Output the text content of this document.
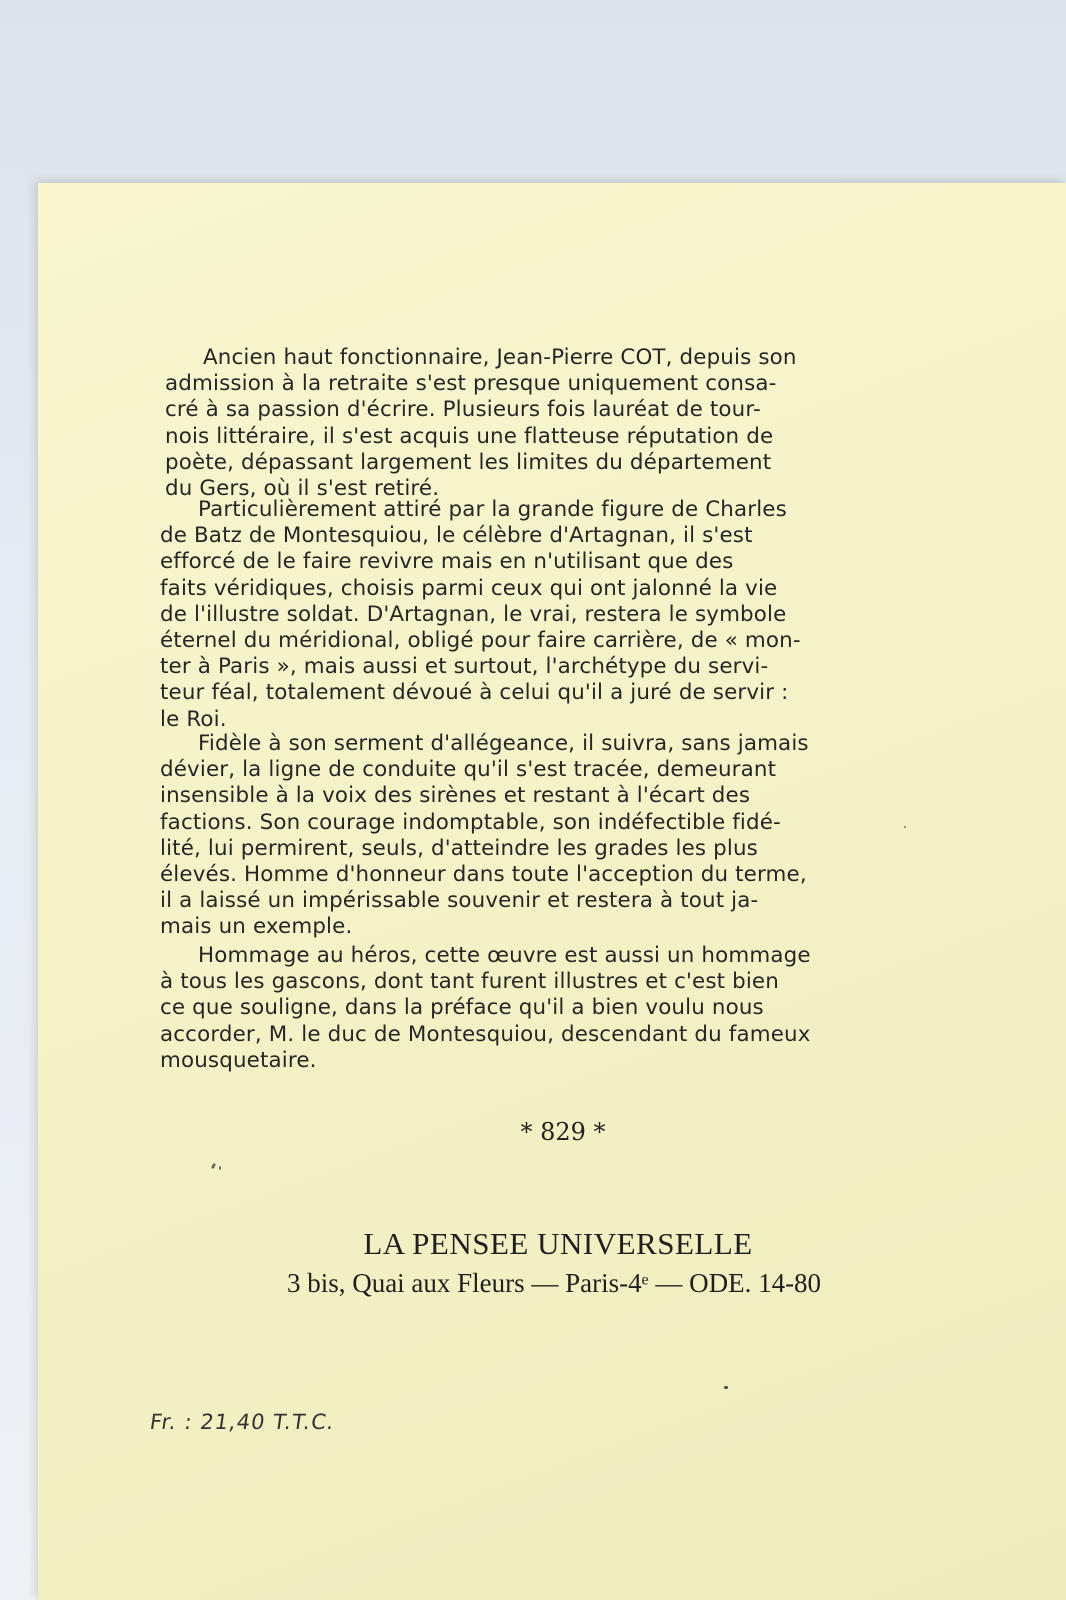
Ancien haut fonctionnaire, Jean-Pierre COT, depuis son
admission à la retraite s'est presque uniquement consa-
cré à sa passion d'écrire. Plusieurs fois lauréat de tour-
nois littéraire, il s'est acquis une flatteuse réputation de
poète, dépassant largement les limites du département
du Gers, où il s'est retiré.
Particulièrement attiré par la grande figure de Charles
de Batz de Montesquiou, le célèbre d'Artagnan, il s'est
efforcé de le faire revivre mais en n'utilisant que des
faits véridiques, choisis parmi ceux qui ont jalonné la vie
de l'illustre soldat. D'Artagnan, le vrai, restera le symbole
éternel du méridional, obligé pour faire carrière, de « mon-
ter à Paris », mais aussi et surtout, l'archétype du servi-
teur féal, totalement dévoué à celui qu'il a juré de servir :
le Roi.
Fidèle à son serment d'allégeance, il suivra, sans jamais
dévier, la ligne de conduite qu'il s'est tracée, demeurant
insensible à la voix des sirènes et restant à l'écart des
factions. Son courage indomptable, son indéfectible fidé-
lité, lui permirent, seuls, d'atteindre les grades les plus
élevés. Homme d'honneur dans toute l'acception du terme,
il a laissé un impérissable souvenir et restera à tout ja-
mais un exemple.
Hommage au héros, cette œuvre est aussi un hommage
à tous les gascons, dont tant furent illustres et c'est bien
ce que souligne, dans la préface qu'il a bien voulu nous
accorder, M. le duc de Montesquiou, descendant du fameux
mousquetaire.
* 829 *
LA PENSEE UNIVERSELLE
3 bis, Quai aux Fleurs — Paris-4ᵉ — ODE. 14-80
Fr. : 21,40 T.T.C.
